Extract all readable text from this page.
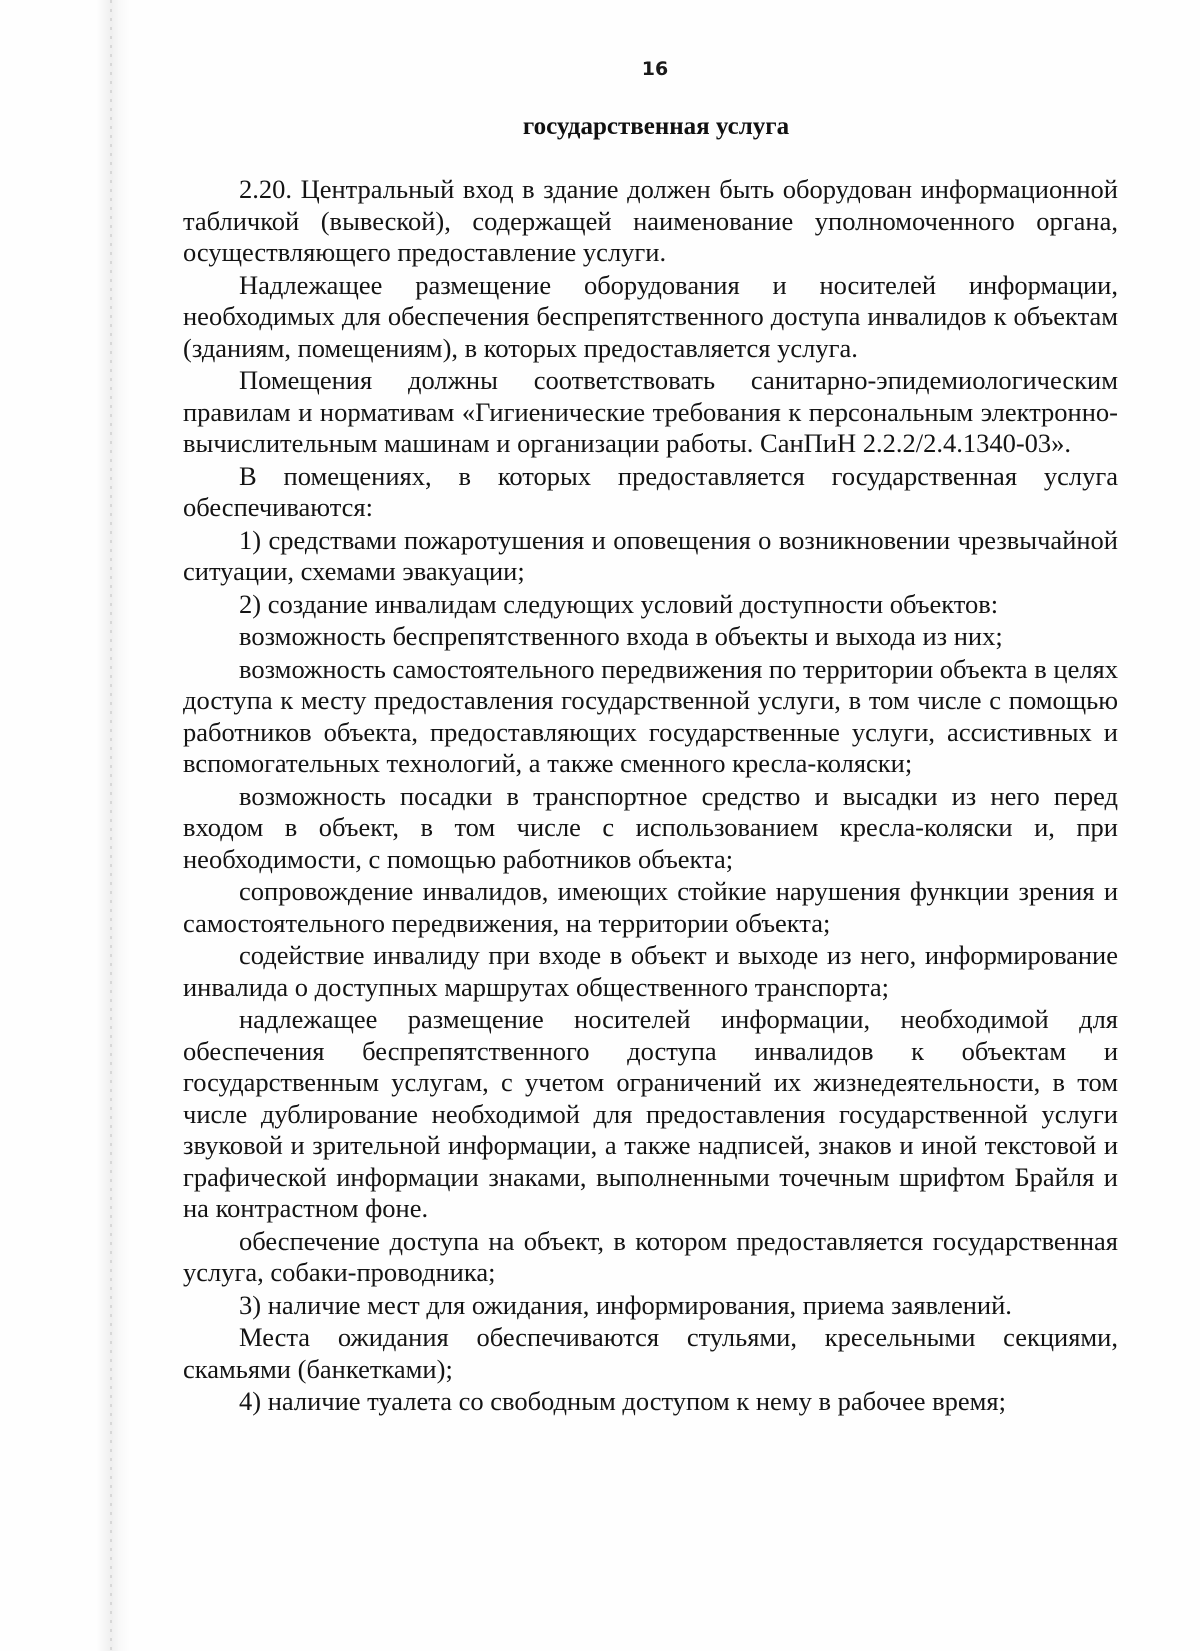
16
государственная услуга

2.20. Центральный вход в здание должен быть оборудован информационной табличкой (вывеской), содержащей наименование уполномоченного органа, осуществляющего предоставление услуги.

Надлежащее размещение оборудования и носителей информации, необходимых для обеспечения беспрепятственного доступа инвалидов к объектам (зданиям, помещениям), в которых предоставляется услуга.

Помещения должны соответствовать санитарно-эпидемиологическим правилам и нормативам «Гигиенические требования к персональным электронно-вычислительным машинам и организации работы. СанПиН 2.2.2/2.4.1340-03».

В помещениях, в которых предоставляется государственная услуга обеспечиваются:

1) средствами пожаротушения и оповещения о возникновении чрезвычайной ситуации, схемами эвакуации;

2) создание инвалидам следующих условий доступности объектов:

возможность беспрепятственного входа в объекты и выхода из них;

возможность самостоятельного передвижения по территории объекта в целях доступа к месту предоставления государственной услуги, в том числе с помощью работников объекта, предоставляющих государственные услуги, ассистивных и вспомогательных технологий, а также сменного кресла-коляски;

возможность посадки в транспортное средство и высадки из него перед входом в объект, в том числе с использованием кресла-коляски и, при необходимости, с помощью работников объекта;

сопровождение инвалидов, имеющих стойкие нарушения функции зрения и самостоятельного передвижения, на территории объекта;

содействие инвалиду при входе в объект и выходе из него, информирование инвалида о доступных маршрутах общественного транспорта;

надлежащее размещение носителей информации, необходимой для обеспечения беспрепятственного доступа инвалидов к объектам и государственным услугам, с учетом ограничений их жизнедеятельности, в том числе дублирование необходимой для предоставления государственной услуги звуковой и зрительной информации, а также надписей, знаков и иной текстовой и графической информации знаками, выполненными точечным шрифтом Брайля и на контрастном фоне.

обеспечение доступа на объект, в котором предоставляется государственная услуга, собаки-проводника;

3) наличие мест для ожидания, информирования, приема заявлений.

Места ожидания обеспечиваются стульями, кресельными секциями, скамьями (банкетками);

4) наличие туалета со свободным доступом к нему в рабочее время;
